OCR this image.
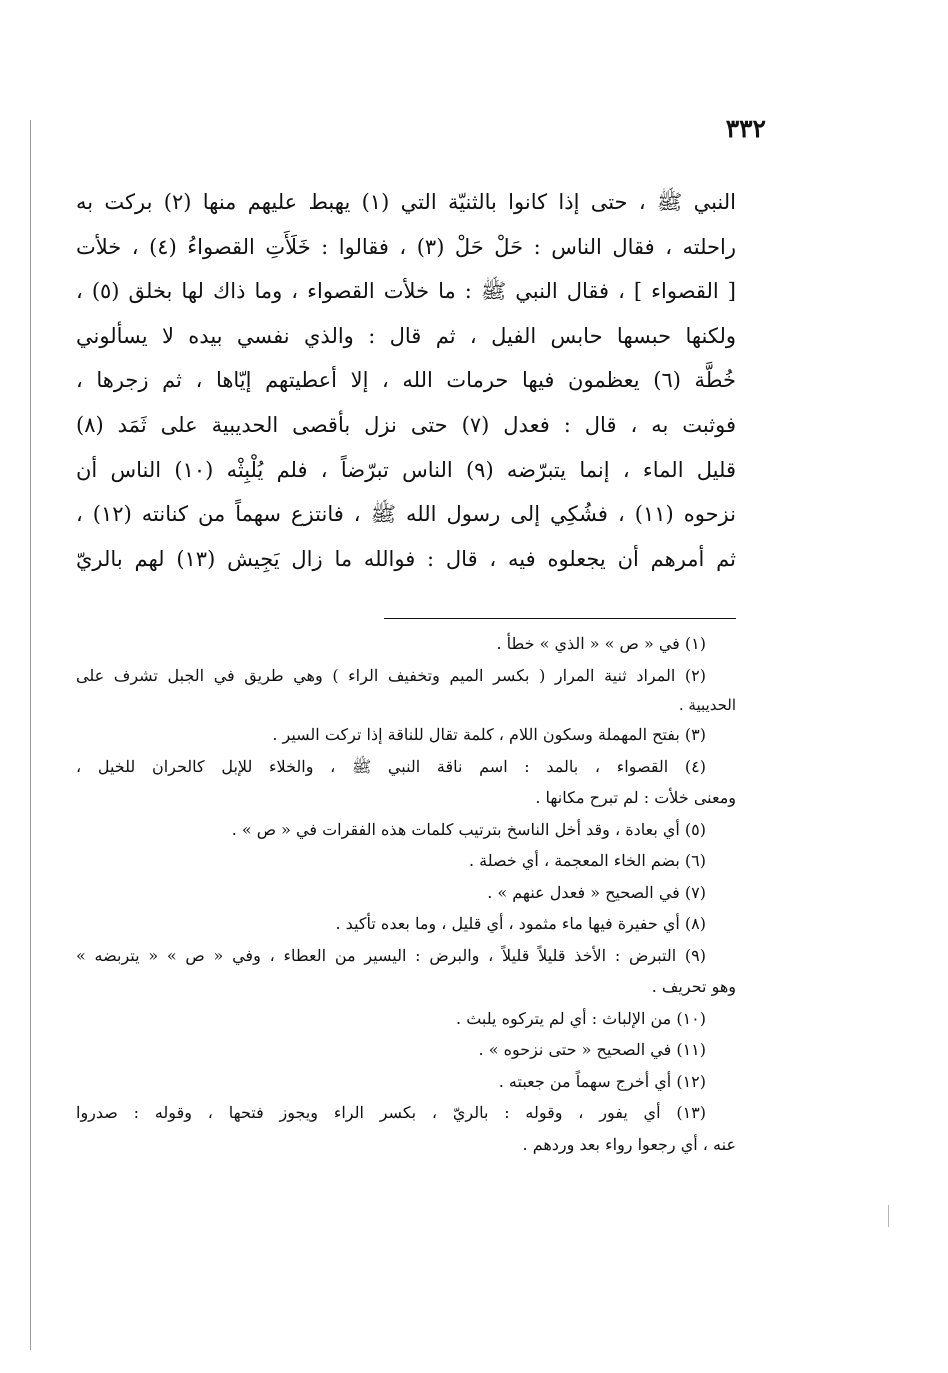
٣٣٢
النبي ﷺ ، حتى إذا كانوا بالثنيّة التي (١) يهبط عليهم منها (٢) بركت به
راحلته ، فقال الناس : حَلْ حَلْ (٣) ، فقالوا : خَلَأَتِ القصواءُ (٤) ، خلأت
[ القصواء ] ، فقال النبي ﷺ : ما خلأت القصواء ، وما ذاك لها بخلق (٥) ،
ولكنها حبسها حابس الفيل ، ثم قال : والذي نفسي بيده لا يسألوني
خُطَّة (٦) يعظمون فيها حرمات الله ، إلا أعطيتهم إيّاها ، ثم زجرها ،
فوثبت به ، قال : فعدل (٧) حتى نزل بأقصى الحديبية على ثَمَد (٨)
قليل الماء ، إنما يتبرّضه (٩) الناس تبرّضاً ، فلم يُلْبِثْه (١٠) الناس أن
نزحوه (١١) ، فشُكِي إلى رسول الله ﷺ ، فانتزع سهماً من كنانته (١٢) ،
ثم أمرهم أن يجعلوه فيه ، قال : فوالله ما زال يَجِيش (١٣) لهم بالريّ
(١) في « ص » « الذي » خطأ .
(٢) المراد ثنية المرار ( بكسر الميم وتخفيف الراء ) وهي طريق في الجبل تشرف على
الحديبية .
(٣) بفتح المهملة وسكون اللام ، كلمة تقال للناقة إذا تركت السير .
(٤) القصواء ، بالمد : اسم ناقة النبي ﷺ ، والخلاء للإبل كالحران للخيل ،
ومعنى خلأت : لم تبرح مكانها .
(٥) أي بعادة ، وقد أخل الناسخ بترتيب كلمات هذه الفقرات في « ص » .
(٦) بضم الخاء المعجمة ، أي خصلة .
(٧) في الصحيح « فعدل عنهم » .
(٨) أي حفيرة فيها ماء مثمود ، أي قليل ، وما بعده تأكيد .
(٩) التبرض : الأخذ قليلاً قليلاً ، والبرض : اليسير من العطاء ، وفي « ص » « يتربضه »
وهو تحريف .
(١٠) من الإلباث : أي لم يتركوه يلبث .
(١١) في الصحيح « حتى نزحوه » .
(١٢) أي أخرج سهماً من جعبته .
(١٣) أي يفور ، وقوله : بالريّ ، بكسر الراء ويجوز فتحها ، وقوله : صدروا
عنه ، أي رجعوا رواء بعد وردهم .
